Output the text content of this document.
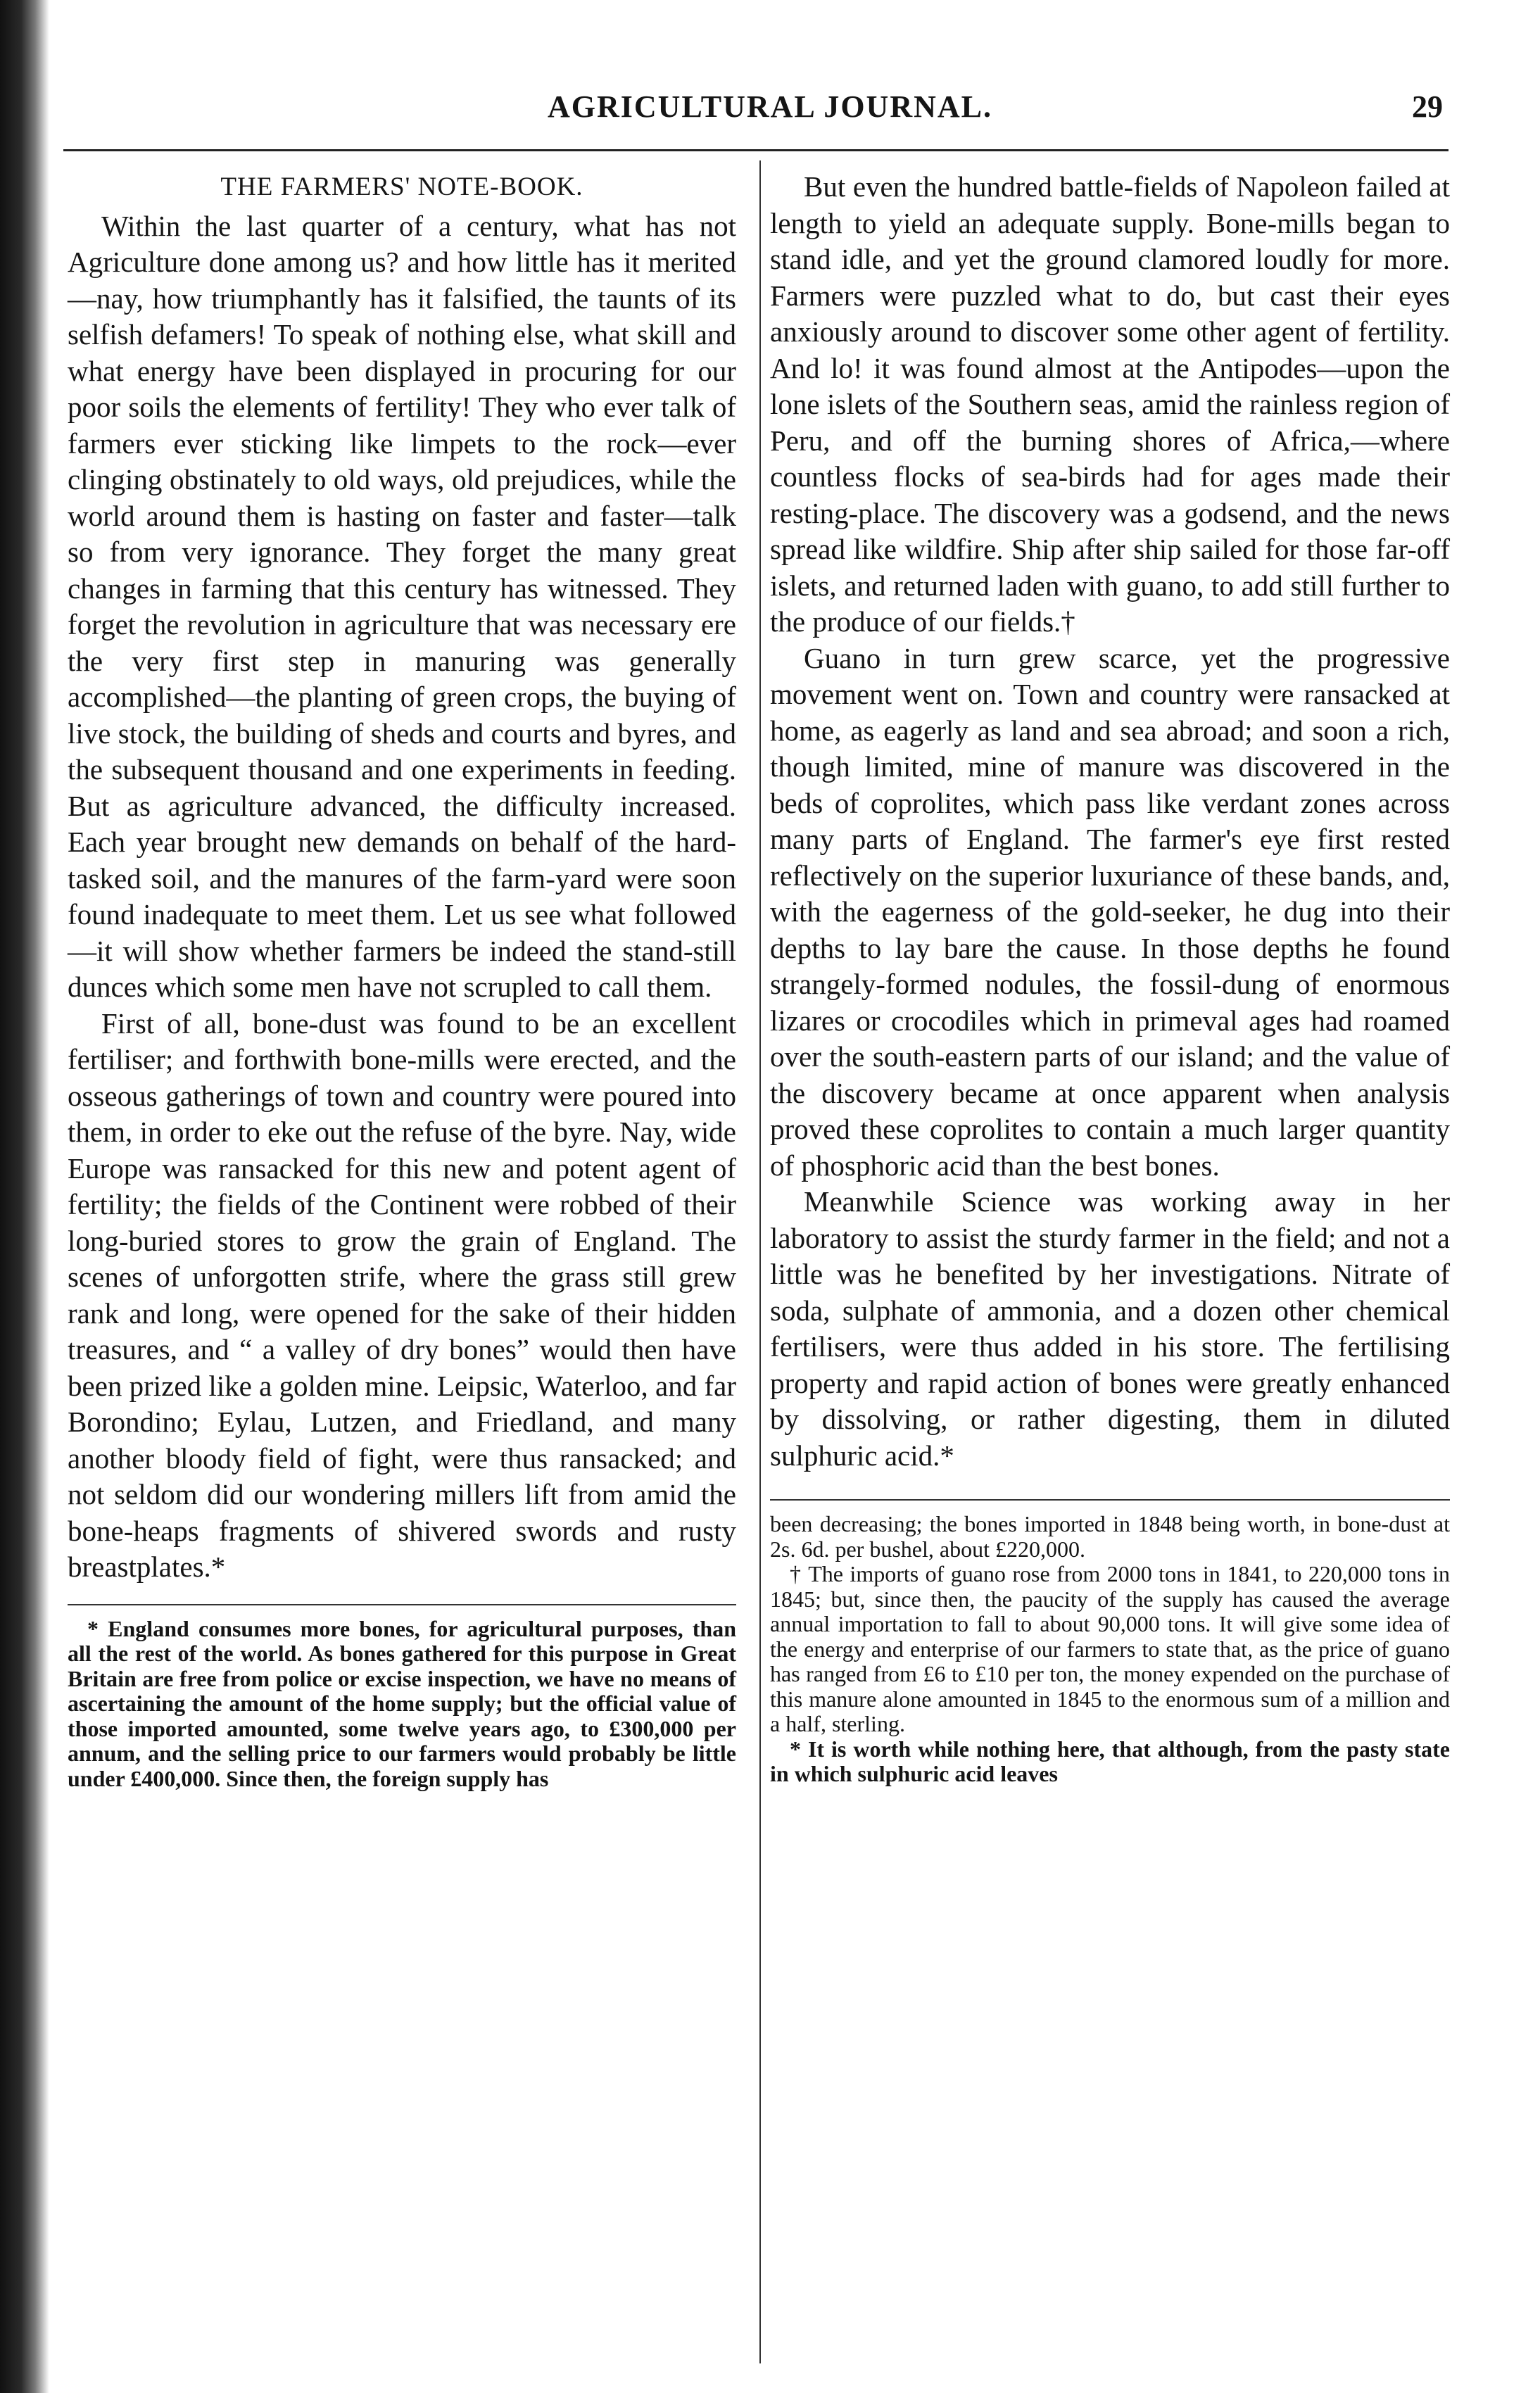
AGRICULTURAL JOURNAL.	29
THE FARMERS' NOTE-BOOK.

Within the last quarter of a century, what has not Agriculture done among us? and how little has it merited—nay, how triumphantly has it falsified, the taunts of its selfish defamers! To speak of nothing else, what skill and what energy have been displayed in procuring for our poor soils the elements of fertility! They who ever talk of farmers ever sticking like limpets to the rock—ever clinging obstinately to old ways, old prejudices, while the world around them is hasting on faster and faster—talk so from very ignorance. They forget the many great changes in farming that this century has witnessed. They forget the revolution in agriculture that was necessary ere the very first step in manuring was generally accomplished—the planting of green crops, the buying of live stock, the building of sheds and courts and byres, and the subsequent thousand and one experiments in feeding. But as agriculture advanced, the difficulty increased. Each year brought new demands on behalf of the hard-tasked soil, and the manures of the farm-yard were soon found inadequate to meet them. Let us see what followed—it will show whether farmers be indeed the stand-still dunces which some men have not scrupled to call them.

First of all, bone-dust was found to be an excellent fertiliser; and forthwith bone-mills were erected, and the osseous gatherings of town and country were poured into them, in order to eke out the refuse of the byre. Nay, wide Europe was ransacked for this new and potent agent of fertility; the fields of the Continent were robbed of their long-buried stores to grow the grain of England. The scenes of unforgotten strife, where the grass still grew rank and long, were opened for the sake of their hidden treasures, and “ a valley of dry bones” would then have been prized like a golden mine. Leipsic, Waterloo, and far Borondino; Eylau, Lutzen, and Friedland, and many another bloody field of fight, were thus ransacked; and not seldom did our wondering millers lift from amid the bone-heaps fragments of shivered swords and rusty breastplates.*

* England consumes more bones, for agricultural purposes, than all the rest of the world. As bones gathered for this purpose in Great Britain are free from police or excise inspection, we have no means of ascertaining the amount of the home supply; but the official value of those imported amounted, some twelve years ago, to £300,000 per annum, and the selling price to our farmers would probably be little under £400,000. Since then, the foreign supply has

But even the hundred battle-fields of Napoleon failed at length to yield an adequate supply. Bone-mills began to stand idle, and yet the ground clamored loudly for more. Farmers were puzzled what to do, but cast their eyes anxiously around to discover some other agent of fertility. And lo! it was found almost at the Antipodes—upon the lone islets of the Southern seas, amid the rainless region of Peru, and off the burning shores of Africa,—where countless flocks of sea-birds had for ages made their resting-place. The discovery was a godsend, and the news spread like wildfire. Ship after ship sailed for those far-off islets, and returned laden with guano, to add still further to the produce of our fields.†

Guano in turn grew scarce, yet the progressive movement went on. Town and country were ransacked at home, as eagerly as land and sea abroad; and soon a rich, though limited, mine of manure was discovered in the beds of coprolites, which pass like verdant zones across many parts of England. The farmer's eye first rested reflectively on the superior luxuriance of these bands, and, with the eagerness of the gold-seeker, he dug into their depths to lay bare the cause. In those depths he found strangely-formed nodules, the fossil-dung of enormous lizares or crocodiles which in primeval ages had roamed over the south-eastern parts of our island; and the value of the discovery became at once apparent when analysis proved these coprolites to contain a much larger quantity of phosphoric acid than the best bones.

Meanwhile Science was working away in her laboratory to assist the sturdy farmer in the field; and not a little was he benefited by her investigations. Nitrate of soda, sulphate of ammonia, and a dozen other chemical fertilisers, were thus added in his store. The fertilising property and rapid action of bones were greatly enhanced by dissolving, or rather digesting, them in diluted sulphuric acid.*

been decreasing; the bones imported in 1848 being worth, in bone-dust at 2s. 6d. per bushel, about £220,000.

† The imports of guano rose from 2000 tons in 1841, to 220,000 tons in 1845; but, since then, the paucity of the supply has caused the average annual importation to fall to about 90,000 tons. It will give some idea of the energy and enterprise of our farmers to state that, as the price of guano has ranged from £6 to £10 per ton, the money expended on the purchase of this manure alone amounted in 1845 to the enormous sum of a million and a half, sterling.

* It is worth while nothing here, that although, from the pasty state in which sulphuric acid leaves
